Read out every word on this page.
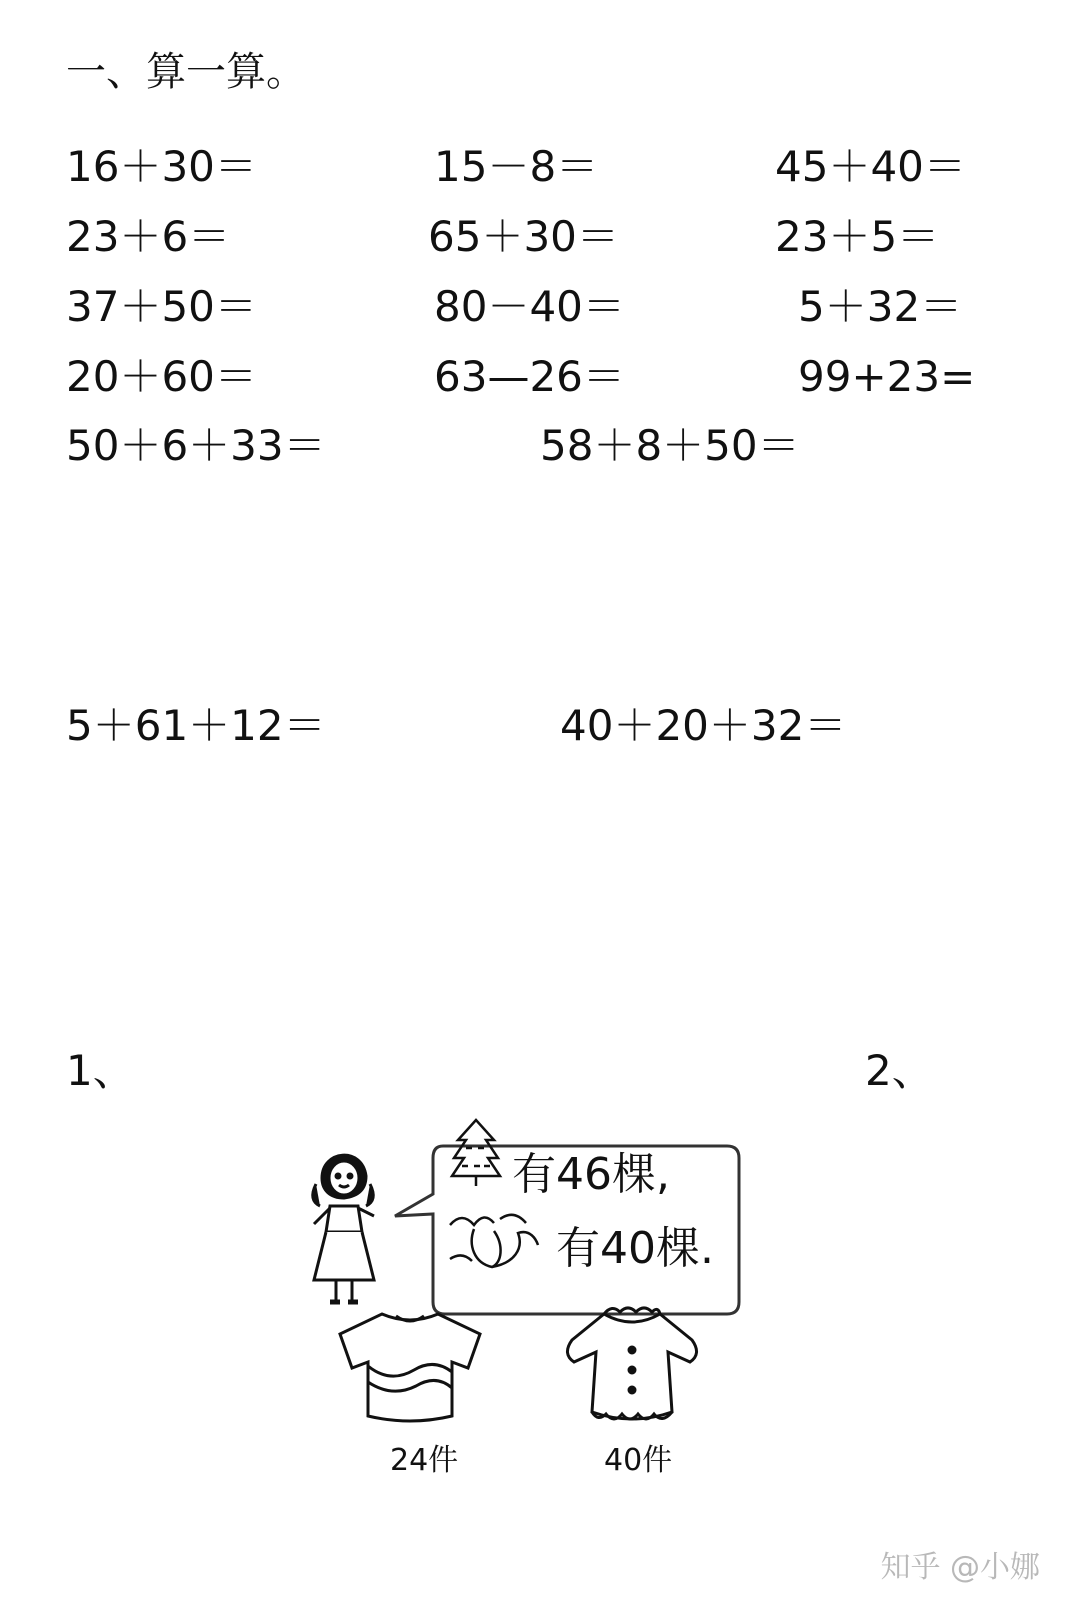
一、算一算。
16＋30＝	15－8＝	45＋40＝
23＋6＝	65＋30＝	23＋5＝
37＋50＝	80－40＝	5＋32＝
20＋60＝	63—26＝	99+23=
50＋6＋33＝	58＋8＋50＝
5＋61＋12＝	40＋20＋32＝
1、	2、
有46棵,
有40棵.
24件	40件
知乎 @小娜
